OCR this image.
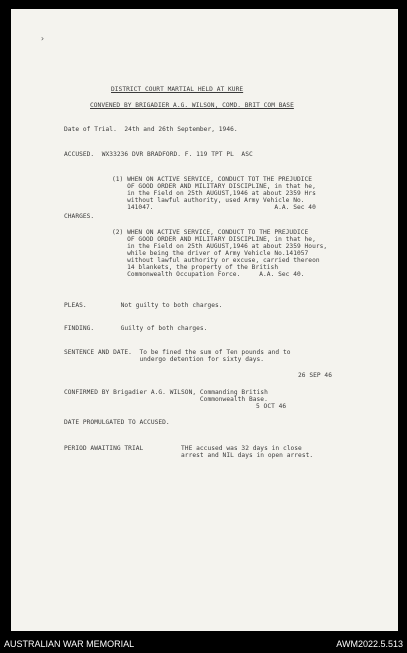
›
DISTRICT COURT MARTIAL HELD AT KURE
CONVENED BY BRIGADIER A.G. WILSON, COMD. BRIT COM BASE
Date of Trial.  24th and 26th September, 1946.
ACCUSED.  WX33236 DVR BRADFORD. F. 119 TPT PL  ASC
(1) WHEN ON ACTIVE SERVICE, CONDUCT TOT THE PREJUDICE
OF GOOD ORDER AND MILITARY DISCIPLINE, in that he,
in the Field on 25th AUGUST,1946 at about 2359 Hrs
without lawful authority, used Army Vehicle No.
141047.                                A.A. Sec 40
CHARGES.
(2) WHEN ON ACTIVE SERVICE, CONDUCT TO THE PREJUDICE
OF GOOD ORDER AND MILITARY DISCIPLINE, in that he,
in the Field on 25th AUGUST,1946 at about 2359 Hours,
while being the driver of Army Vehicle No.141057
without lawful authority or excuse, carried thereon
14 blankets, the property of the British
Commonwealth Occupation Force.     A.A. Sec 40.
PLEAS.         Not guilty to both charges.
FINDING.       Guilty of both charges.
SENTENCE AND DATE.  To be fined the sum of Ten pounds and to
undergo detention for sixty days.
26 SEP 46
CONFIRMED BY Brigadier A.G. WILSON, Commanding British
Commonwealth Base.
5 OCT 46
DATE PROMULGATED TO ACCUSED.
PERIOD AWAITING TRIAL          THE accused was 32 days in close
arrest and NIL days in open arrest.
AUSTRALIAN WAR MEMORIAL	AWM2022.5.513
